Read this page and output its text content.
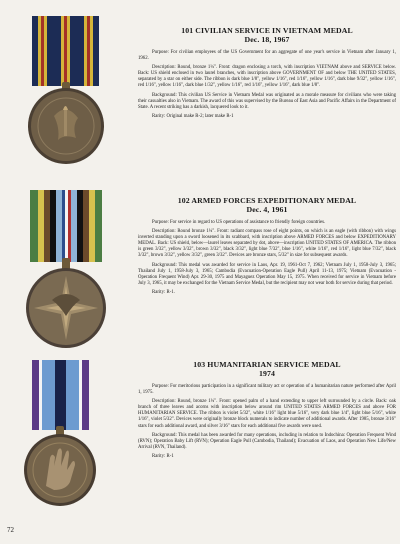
101 CIVILIAN SERVICE IN VIETNAM MEDAL
Dec. 18, 1967

Purpose: For civilian employees of the US Government for an aggregate of one year's service in Vietnam after January 1, 1962.

Description: Round, bronze 1¼". Front: dragon enclosing a torch, with inscription VIETNAM above and SERVICE below. Back: US shield enclosed in two laurel branches, with inscription above GOVERNMENT OF and below THE UNITED STATES, separated by a star on either side. The ribbon is dark blue 1/8", yellow 1/16", red 1/16", yellow 1/16", dark blue 9/32", yellow 1/16", red 1/16", yellow 1/16", dark blue 1/32", yellow 1/16", red 1/16", yellow 1/16", dark blue 1/8".

Background: This civilian US Service in Vietnam Medal was originated as a morale measure for civilians who were taking their casualties also in Vietnam. The award of this was supervised by the Bureau of East Asia and Pacific Affairs in the Department of State. A recent striking has a darkish, lacquered look to it.

Rarity: Original make R-2; later make R-1

102 ARMED FORCES EXPEDITIONARY MEDAL
Dec. 4, 1961

Purpose: For service in regard to US operations of assistance to friendly foreign countries.

Description: Round bronze 1¼". Front: radiant compass rose of eight points, on which is an eagle (with ribbon) with wings inverted standing upon a sword loosened in its scabbard, with inscription above ARMED FORCES and below EXPEDITIONARY MEDAL. Back: US shield, below—laurel leaves separated by dot, above—inscription UNITED STATES OF AMERICA. The ribbon is green 3/32", yellow 3/32", brown 3/32", black 3/32", light blue 7/32", blue 1/16", white 1/16", red 1/16", light blue 7/32", black 3/32", brown 3/32", yellow 3/32", green 3/32". Devices are bronze stars, 5/32" in size for subsequent awards.

Background: This medal was awarded for service in Laos, Apr. 19, 1961-Oct 7, 1962; Vietnam July 1, 1958-July 3, 1965; Thailand July 1, 1958-July 3, 1965; Cambodia (Evacuation-Operation Eagle Pull) April 11-13, 1975; Vietnam (Evacuation - Operation Frequent Wind) Apr. 29-30, 1975 and Mayaguez Operation May 15, 1975. When received for service in Vietnam before July 3, 1965, it may be exchanged for the Vietnam Service Medal, but the recipient may not wear both for service during that period.

Rarity: R-1.

103 HUMANITARIAN SERVICE MEDAL
1974

Purpose: For meritorious participation in a significant military act or operation of a humanitarian nature performed after April 1, 1975.

Description: Round, bronze 1¼". Front: opened palm of a hand extending to upper left surrounded by a circle. Back: oak branch of three leaves and acorns with inscription below around rim UNITED STATES ARMED FORCES and above FOR HUMANITARIAN SERVICE. The ribbon is violet 5/32", white 1/16" light blue 5/16", very dark blue 1/4", light blue 5/16", white 1/16", violet 5/32". Devices were originally bronze block numerals to indicate number of additional awards. After 1985, bronze 3/16" stars for each additional award, and silver 3/16" stars for each additional five awards were used.

Background: This medal has been awarded for many operations, including in relation to Indochina: Operation Frequent Wind (RVN); Operation Baby Lift (RVN); Operation Eagle Pull (Cambodia, Thailand); Evacuation of Laos, and Operation New Life/New Arrival (RVN, Thailand).

Rarity: R-1

72
